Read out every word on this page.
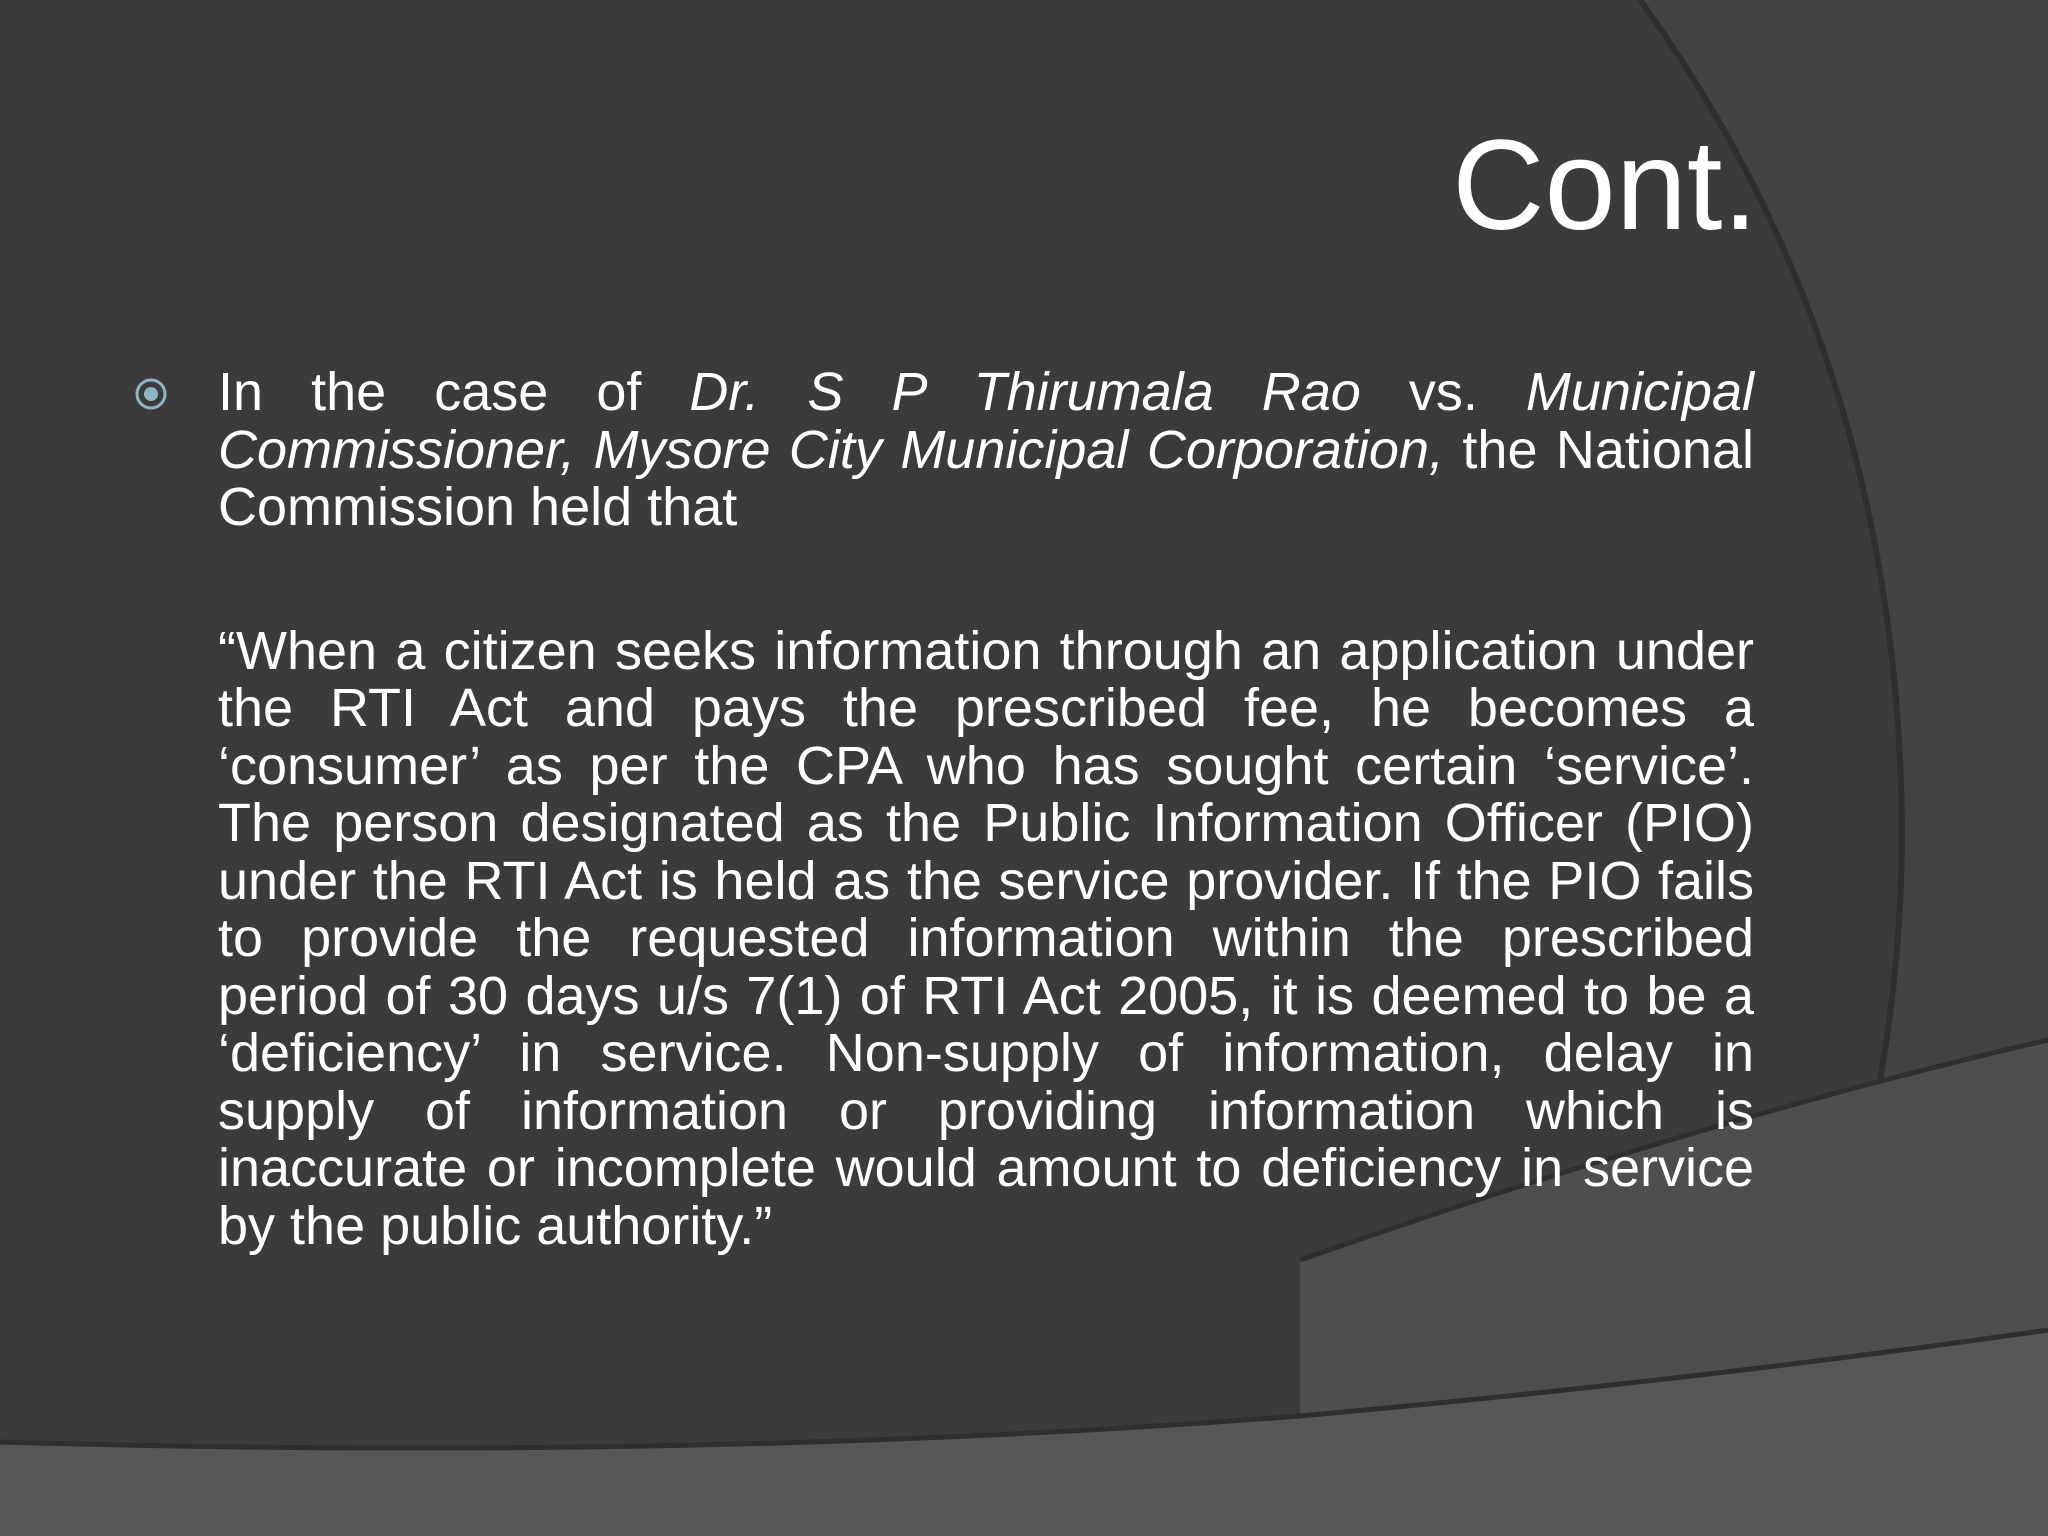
Cont.

In the case of Dr. S P Thirumala Rao vs. Municipal Commissioner, Mysore City Municipal Corporation, the National Commission held that

“When a citizen seeks information through an application under the RTI Act and pays the prescribed fee, he becomes a ‘consumer’ as per the CPA who has sought certain ‘service’. The person designated as the Public Information Officer (PIO) under the RTI Act is held as the service provider. If the PIO fails to provide the requested information within the prescribed period of 30 days u/s 7(1) of RTI Act 2005, it is deemed to be a ‘deficiency’ in service. Non-supply of information, delay in supply of information or providing information which is inaccurate or incomplete would amount to deficiency in service by the public authority.”
